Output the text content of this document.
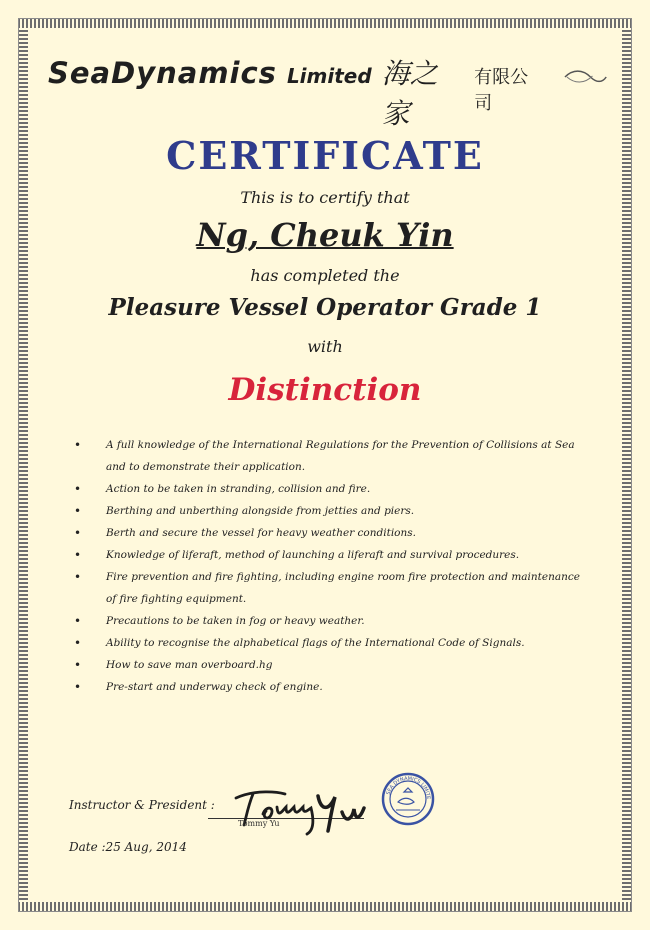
SeaDynamics Limited 海之家
有限公司
CERTIFICATE
This is to certify that
Ng, Cheuk Yin
has completed the
Pleasure Vessel Operator Grade 1
with
Distinction
• A full knowledge of the International Regulations for the Prevention of Collisions at Sea and to demonstrate their application.
• Action to be taken in stranding, collision and fire.
• Berthing and unberthing alongside from jetties and piers.
• Berth and secure the vessel for heavy weather conditions.
• Knowledge of liferaft, method of launching a liferaft and survival procedures.
• Fire prevention and fire fighting, including engine room fire protection and maintenance of fire fighting equipment.
• Precautions to be taken in fog or heavy weather.
• Ability to recognise the alphabetical flags of the International Code of Signals.
• How to save man overboard.hg
• Pre-start and underway check of engine.
Instructor & President :
Tommy Yu
Date :25 Aug, 2014
SEA DYNAMICS LIMITE
